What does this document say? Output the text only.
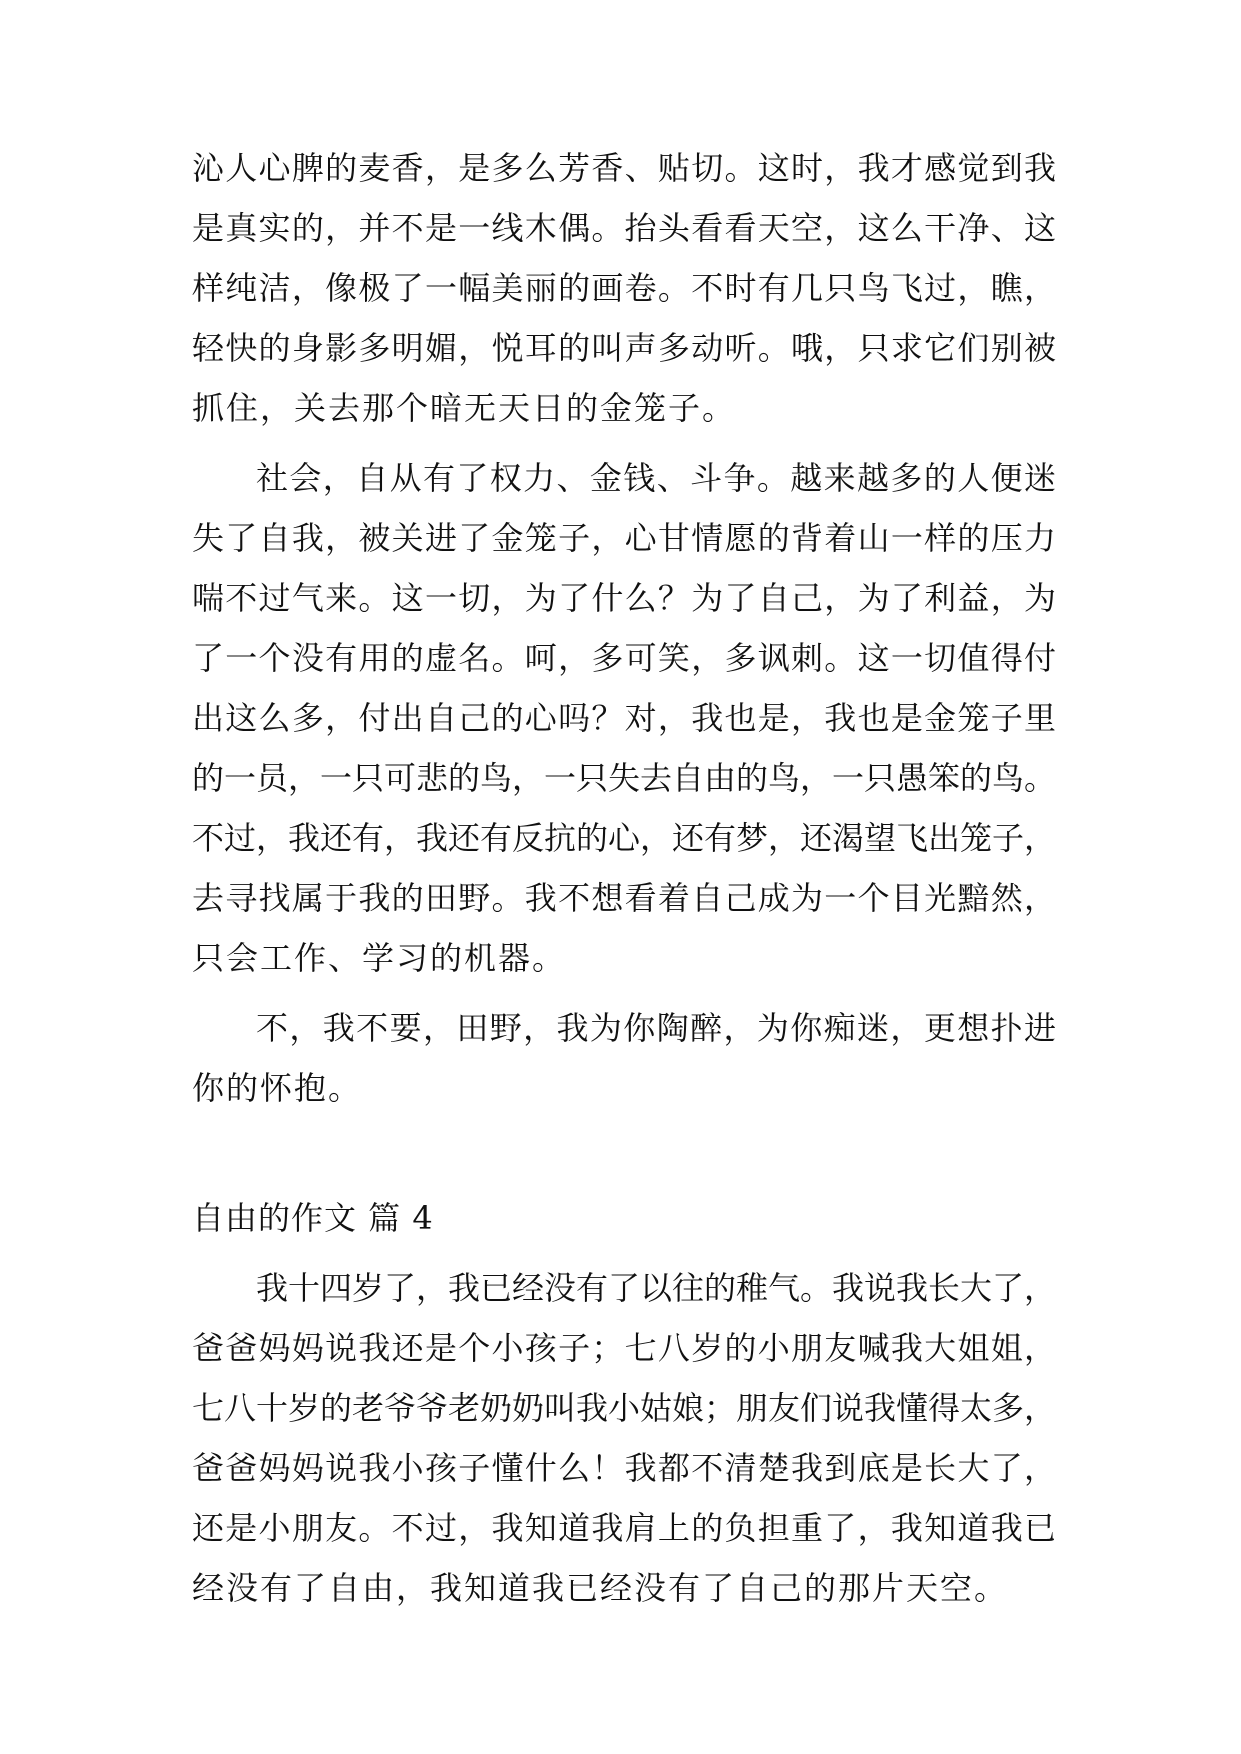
沁人心脾的麦香，是多么芳香、贴切。这时，我才感觉到我

是真实的，并不是一线木偶。抬头看看天空，这么干净、这

样纯洁，像极了一幅美丽的画卷。不时有几只鸟飞过，瞧，

轻快的身影多明媚，悦耳的叫声多动听。哦，只求它们别被

抓住，关去那个暗无天日的金笼子。

社会，自从有了权力、金钱、斗争。越来越多的人便迷

失了自我，被关进了金笼子，心甘情愿的背着山一样的压力

喘不过气来。这一切，为了什么？为了自己，为了利益，为

了一个没有用的虚名。呵，多可笑，多讽刺。这一切值得付

出这么多，付出自己的心吗？对，我也是，我也是金笼子里

的一员，一只可悲的鸟，一只失去自由的鸟，一只愚笨的鸟。

不过，我还有，我还有反抗的心，还有梦，还渴望飞出笼子，

去寻找属于我的田野。我不想看着自己成为一个目光黯然，

只会工作、学习的机器。

不，我不要，田野，我为你陶醉，为你痴迷，更想扑进

你的怀抱。

自由的作文 篇 4

我十四岁了，我已经没有了以往的稚气。我说我长大了，

爸爸妈妈说我还是个小孩子；七八岁的小朋友喊我大姐姐，

七八十岁的老爷爷老奶奶叫我小姑娘；朋友们说我懂得太多，

爸爸妈妈说我小孩子懂什么！我都不清楚我到底是长大了，

还是小朋友。不过，我知道我肩上的负担重了，我知道我已

经没有了自由，我知道我已经没有了自己的那片天空。
